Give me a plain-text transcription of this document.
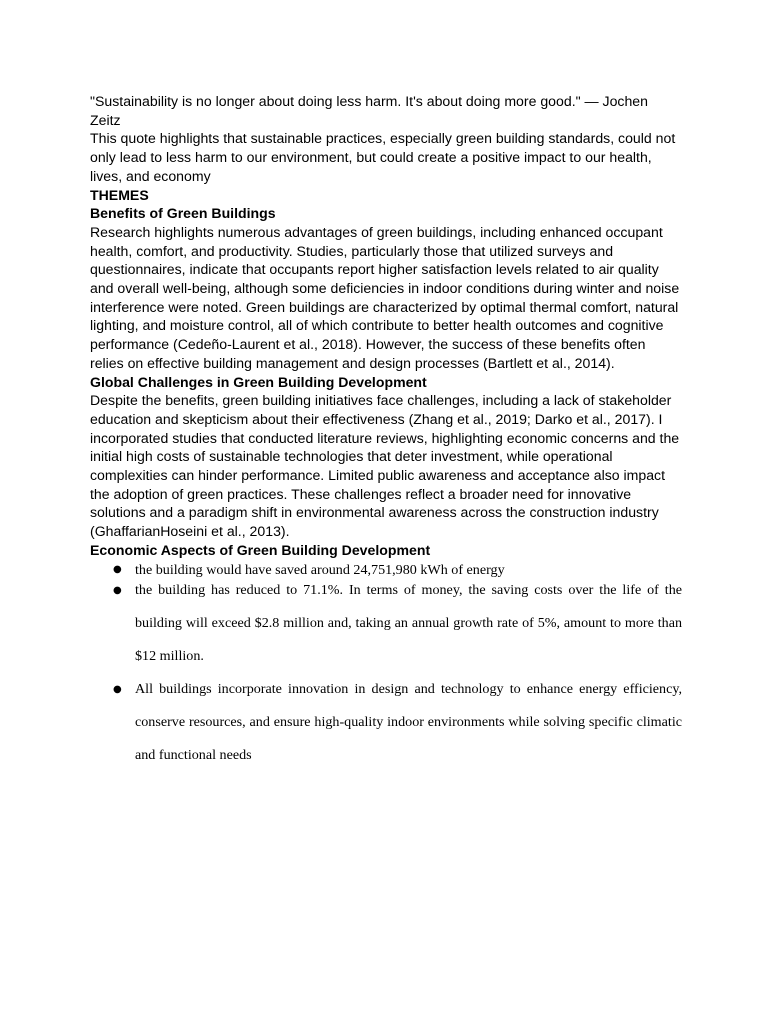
"Sustainability is no longer about doing less harm. It's about doing more good." — Jochen Zeitz

This quote highlights that sustainable practices, especially green building standards, could not only lead to less harm to our environment, but could create a positive impact to our health, lives, and economy

THEMES

Benefits of Green Buildings

Research highlights numerous advantages of green buildings, including enhanced occupant health, comfort, and productivity. Studies, particularly those that utilized surveys and questionnaires, indicate that occupants report higher satisfaction levels related to air quality and overall well-being, although some deficiencies in indoor conditions during winter and noise interference were noted. Green buildings are characterized by optimal thermal comfort, natural lighting, and moisture control, all of which contribute to better health outcomes and cognitive performance (Cedeño-Laurent et al., 2018). However, the success of these benefits often relies on effective building management and design processes (Bartlett et al., 2014).

Global Challenges in Green Building Development

Despite the benefits, green building initiatives face challenges, including a lack of stakeholder education and skepticism about their effectiveness (Zhang et al., 2019; Darko et al., 2017). I incorporated studies that conducted literature reviews, highlighting economic concerns and the initial high costs of sustainable technologies that deter investment, while operational complexities can hinder performance. Limited public awareness and acceptance also impact the adoption of green practices. These challenges reflect a broader need for innovative solutions and a paradigm shift in environmental awareness across the construction industry (GhaffarianHoseini et al., 2013).

Economic Aspects of Green Building Development

● the building would have saved around 24,751,980 kWh of energy
● the building has reduced to 71.1%. In terms of money, the saving costs over the life of the building will exceed $2.8 million and, taking an annual growth rate of 5%, amount to more than $12 million.
● All buildings incorporate innovation in design and technology to enhance energy efficiency, conserve resources, and ensure high-quality indoor environments while solving specific climatic and functional needs
